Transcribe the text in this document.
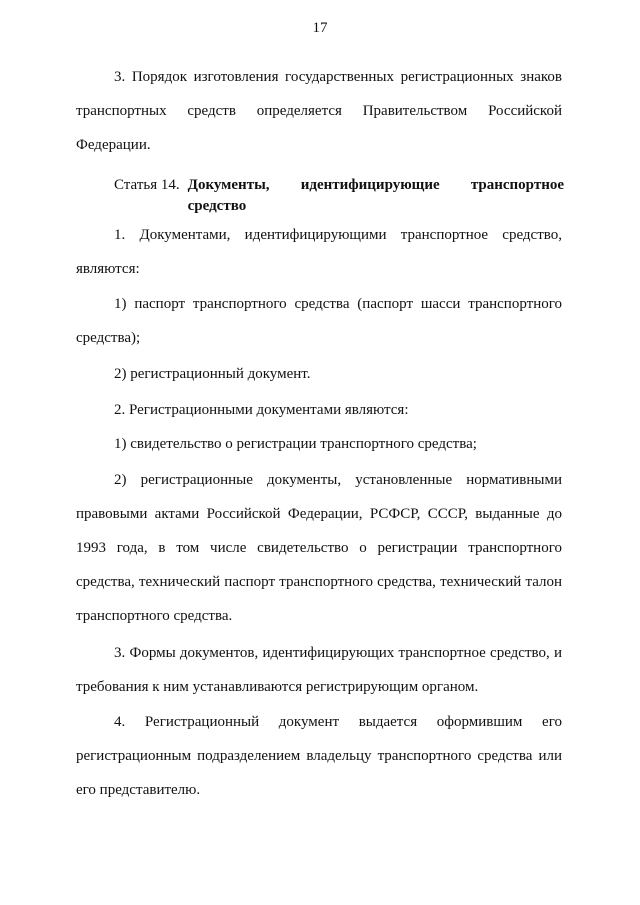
17

3. Порядок изготовления государственных регистрационных знаков транспортных средств определяется Правительством Российской Федерации.

Статья 14. Документы, идентифицирующие транспортное средство

1. Документами, идентифицирующими транспортное средство, являются:

1) паспорт транспортного средства (паспорт шасси транспортного средства);

2) регистрационный документ.

2. Регистрационными документами являются:

1) свидетельство о регистрации транспортного средства;

2) регистрационные документы, установленные нормативными правовыми актами Российской Федерации, РСФСР, СССР, выданные до 1993 года, в том числе свидетельство о регистрации транспортного средства, технический паспорт транспортного средства, технический талон транспортного средства.

3. Формы документов, идентифицирующих транспортное средство, и требования к ним устанавливаются регистрирующим органом.

4. Регистрационный документ выдается оформившим его регистрационным подразделением владельцу транспортного средства или его представителю.
